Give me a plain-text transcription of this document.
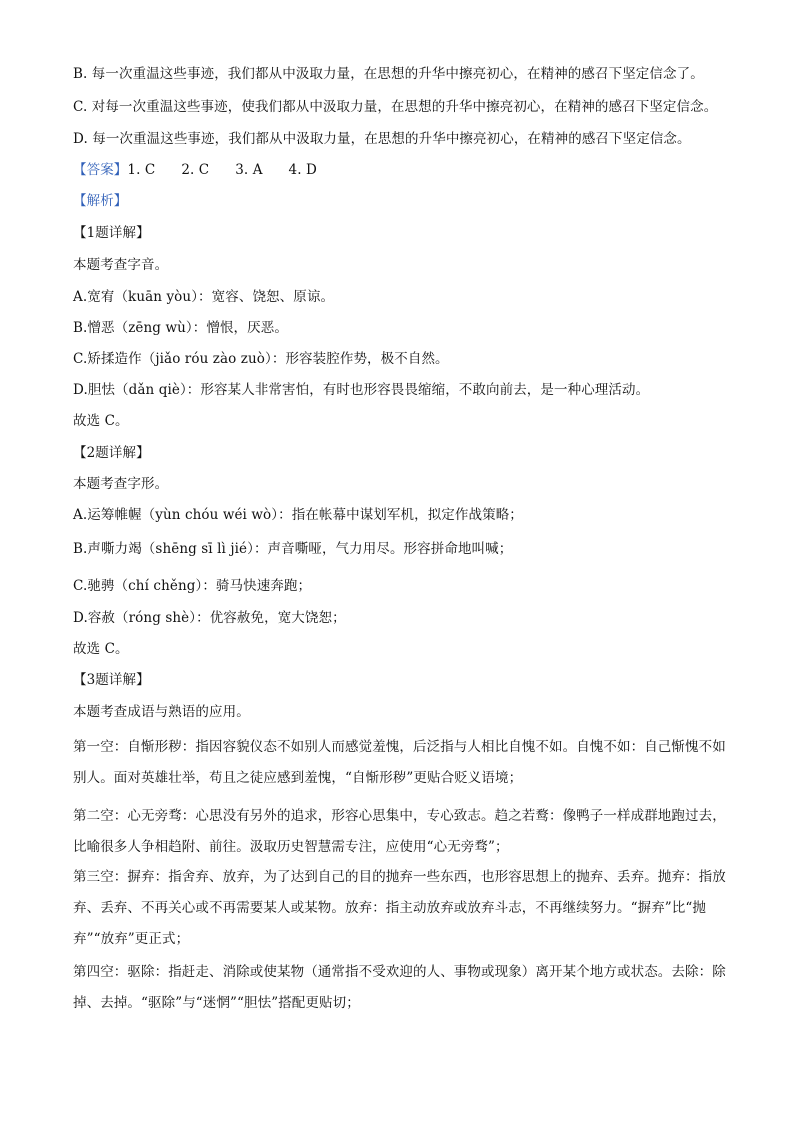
B. 每一次重温这些事迹，我们都从中汲取力量，在思想的升华中擦亮初心，在精神的感召下坚定信念了。
C. 对每一次重温这些事迹，使我们都从中汲取力量，在思想的升华中擦亮初心，在精神的感召下坚定信念。
D. 每一次重温这些事迹，我们都从中汲取力量，在思想的升华中擦亮初心，在精神的感召下坚定信念。
【答案】1. C 2. C 3. A 4. D
【解析】
【1题详解】
本题考查字音。
A.宽宥（kuān yòu）：宽容、饶恕、原谅。
B.憎恶（zēng wù）：憎恨，厌恶。
C.矫揉造作（jiǎo róu zào zuò）：形容装腔作势，极不自然。
D.胆怯（dǎn qiè）：形容某人非常害怕，有时也形容畏畏缩缩，不敢向前去，是一种心理活动。
故选 C。
【2题详解】
本题考查字形。
A.运筹帷幄（yùn chóu wéi wò）：指在帐幕中谋划军机，拟定作战策略；
B.声嘶力竭（shēng sī lì jié）：声音嘶哑，气力用尽。形容拼命地叫喊；
C.驰骋（chí chěng）：骑马快速奔跑；
D.容赦（róng shè）：优容赦免，宽大饶恕；
故选 C。
【3题详解】
本题考查成语与熟语的应用。
第一空：自惭形秽：指因容貌仪态不如别人而感觉羞愧，后泛指与人相比自愧不如。自愧不如：自己惭愧不如别人。面对英雄壮举，苟且之徒应感到羞愧，“自惭形秽”更贴合贬义语境；
第二空：心无旁骛：心思没有另外的追求，形容心思集中，专心致志。趋之若鹜：像鸭子一样成群地跑过去，比喻很多人争相趋附、前往。汲取历史智慧需专注，应使用“心无旁骛”；
第三空：摒弃：指舍弃、放弃，为了达到自己的目的抛弃一些东西，也形容思想上的抛弃、丢弃。抛弃：指放弃、丢弃、不再关心或不再需要某人或某物。放弃：指主动放弃或放弃斗志，不再继续努力。“摒弃”比“抛弃”“放弃”更正式；
第四空：驱除：指赶走、消除或使某物（通常指不受欢迎的人、事物或现象）离开某个地方或状态。去除：除掉、去掉。“驱除”与“迷惘”“胆怯”搭配更贴切；
